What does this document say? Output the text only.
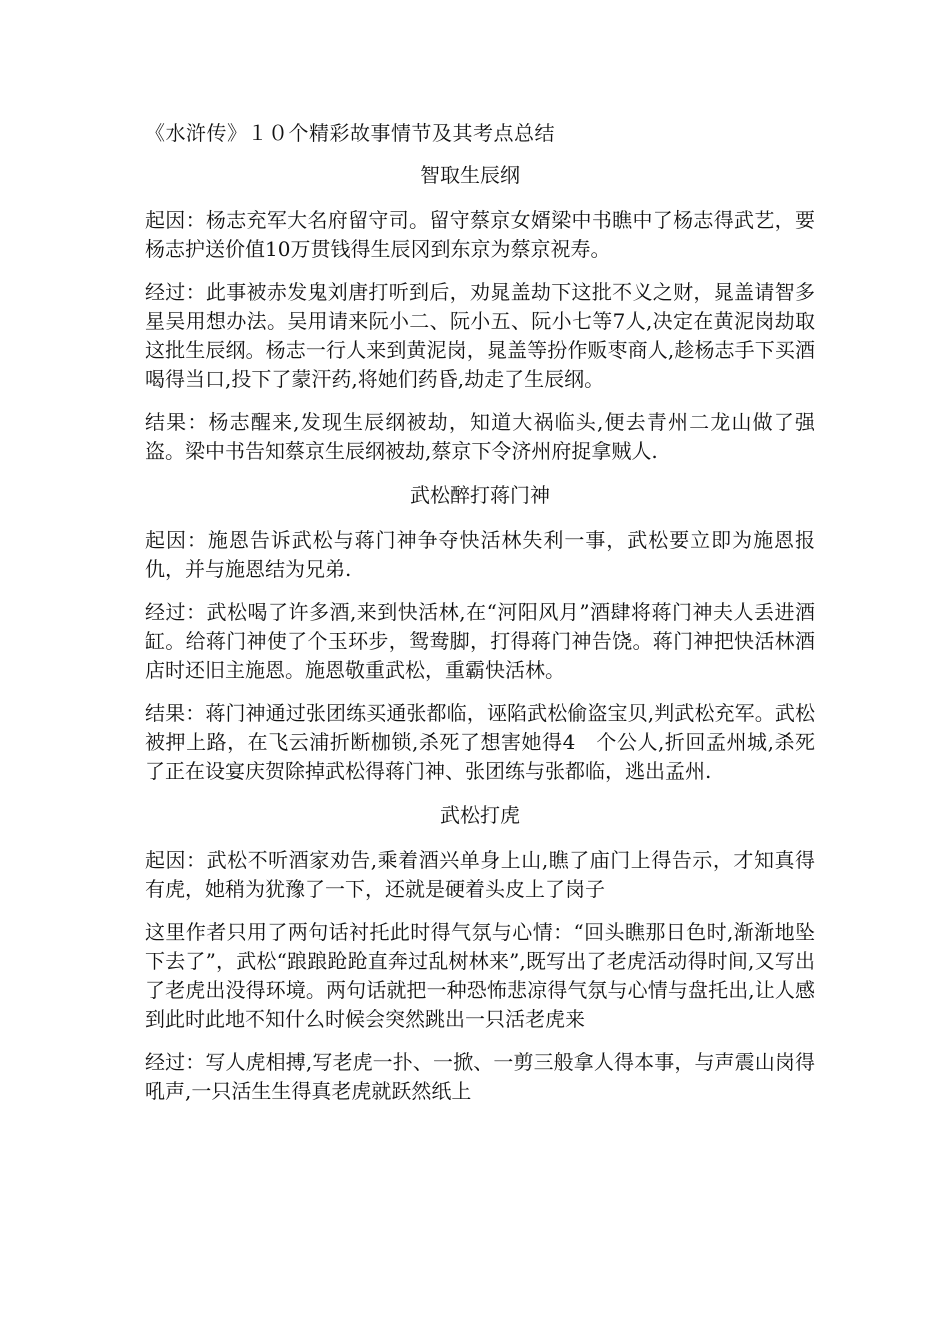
《水浒传》１０个精彩故事情节及其考点总结
智取生辰纲

起因：杨志充军大名府留守司。留守蔡京女婿梁中书瞧中了杨志得武艺，要杨志护送价值10万贯钱得生辰冈到东京为蔡京祝寿。

经过：此事被赤发鬼刘唐打听到后，劝晁盖劫下这批不义之财，晁盖请智多星吴用想办法。吴用请来阮小二、阮小五、阮小七等7人,决定在黄泥岗劫取这批生辰纲。杨志一行人来到黄泥岗，晁盖等扮作贩枣商人,趁杨志手下买酒喝得当口,投下了蒙汗药,将她们药昏,劫走了生辰纲。

结果：杨志醒来,发现生辰纲被劫，知道大祸临头,便去青州二龙山做了强盗。梁中书告知蔡京生辰纲被劫,蔡京下令济州府捉拿贼人.

武松醉打蒋门神

起因：施恩告诉武松与蒋门神争夺快活林失利一事，武松要立即为施恩报仇，并与施恩结为兄弟.

经过：武松喝了许多酒,来到快活林,在“河阳风月”酒肆将蒋门神夫人丢进酒缸。给蒋门神使了个玉环步，鸳鸯脚，打得蒋门神告饶。蒋门神把快活林酒店时还旧主施恩。施恩敬重武松，重霸快活林。

结果：蒋门神通过张团练买通张都临，诬陷武松偷盗宝贝,判武松充军。武松被押上路，在飞云浦折断枷锁,杀死了想害她得4　个公人,折回孟州城,杀死了正在设宴庆贺除掉武松得蒋门神、张团练与张都临，逃出孟州.

武松打虎

起因：武松不听酒家劝告,乘着酒兴单身上山,瞧了庙门上得告示，才知真得有虎，她稍为犹豫了一下，还就是硬着头皮上了岗子

这里作者只用了两句话衬托此时得气氛与心情：“回头瞧那日色时,渐渐地坠下去了”，武松“踉踉跄跄直奔过乱树林来”,既写出了老虎活动得时间,又写出了老虎出没得环境。两句话就把一种恐怖悲凉得气氛与心情与盘托出,让人感到此时此地不知什么时候会突然跳出一只活老虎来

经过：写人虎相搏,写老虎一扑、一掀、一剪三般拿人得本事，与声震山岗得吼声,一只活生生得真老虎就跃然纸上
